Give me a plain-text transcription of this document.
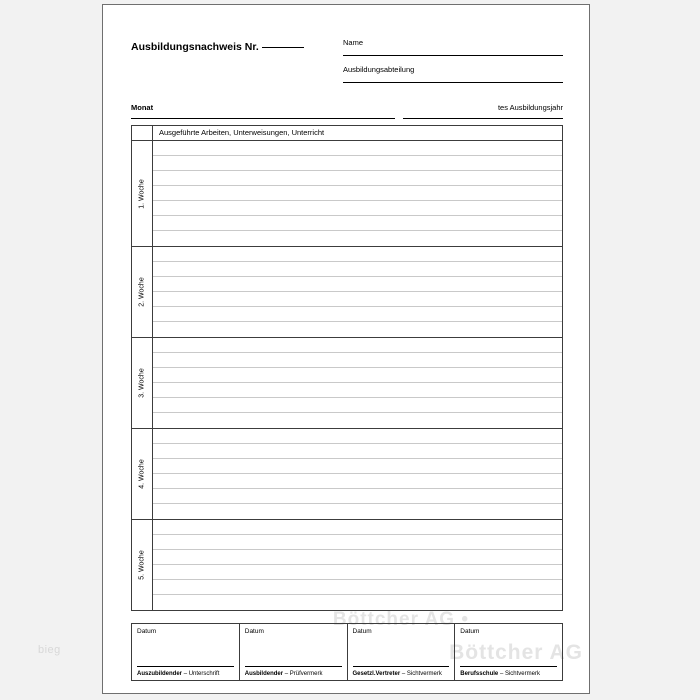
bieg	Böttcher AG
Böttcher AG •
Ausbildungsnachweis Nr.	Name
Ausbildungsabteilung
Monat	tes Ausbildungsjahr
Ausgeführte Arbeiten, Unterweisungen, Unterricht
1. Woche
2. Woche
3. Woche
4. Woche
5. Woche
Datum
Auszubildender – Unterschrift
Datum
Ausbildender – Prüfvermerk
Datum
Gesetzl.Vertreter – Sichtvermerk
Datum
Berufsschule – Sichtvermerk
